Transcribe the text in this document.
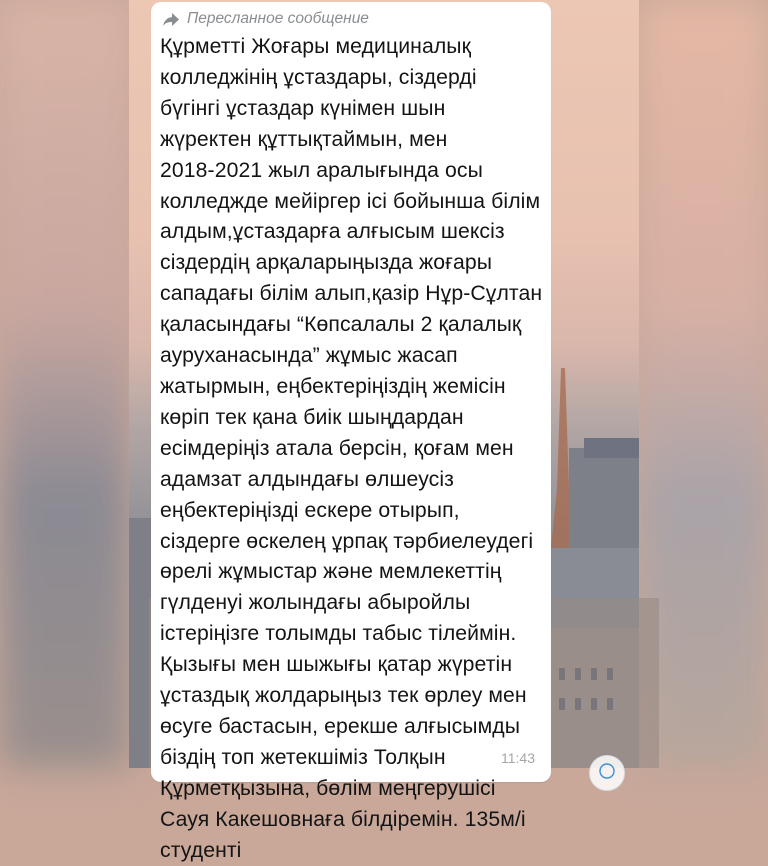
Пересланное сообщение
Құрметті Жоғары медициналық
колледжінің ұстаздары, сіздерді
бүгінгі ұстаздар күнімен шын
жүректен құттықтаймын, мен
2018-2021 жыл аралығында осы
колледжде мейіргер ісі бойынша білім
алдым,ұстаздарға алғысым шексіз
сіздердің арқаларыңызда жоғары
сападағы білім алып,қазір Нұр-Сұлтан
қаласындағы “Көпсалалы 2 қалалық
ауруханасында” жұмыс жасап
жатырмын, еңбектеріңіздің жемісін
көріп тек қана биік шыңдардан
есімдеріңіз атала берсін, қоғам мен
адамзат алдындағы өлшеусіз
еңбектеріңізді ескере отырып,
сіздерге өскелең ұрпақ тәрбиелеудегі
өрелі жұмыстар және мемлекеттің
гүлденуі жолындағы абыройлы
істеріңізге толымды табыс тілеймін.
Қызығы мен шыжығы қатар жүретін
ұстаздық жолдарыңыз тек өрлеу мен
өсуге бастасын, ерекше алғысымды
біздің топ жетекшіміз Толқын
Құрметқызына, бөлім меңгерушісі
Сауя Какешовнаға білдіремін. 135м/і
студенті
11:43
